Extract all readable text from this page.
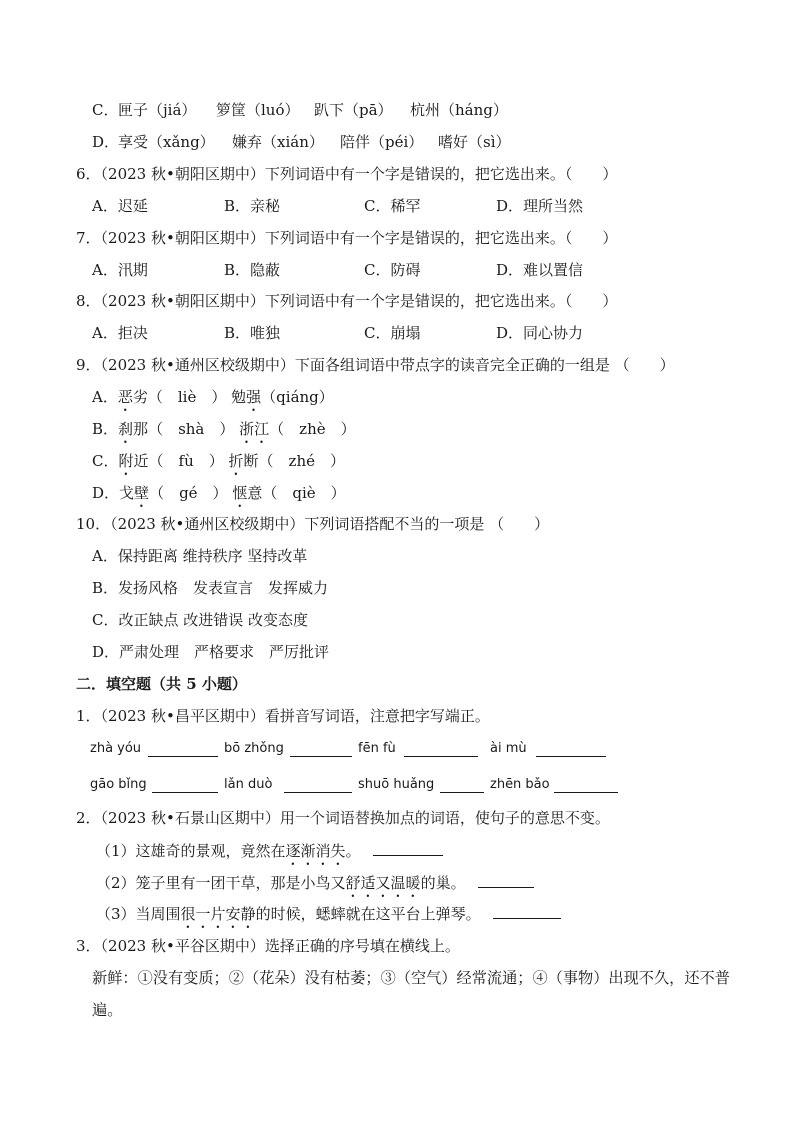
C． 匣子（jiá） 箩筐（luó） 趴下（pā） 杭州（háng）
D．
享受（xǎng） 嫌弃（xián） 陪伴（péi） 嗜好（sì）
6．（2023 秋•朝阳区期中）下列词语中有一个字是错误的，把它选出来。（　　）
A．迟延	B．亲秘	C．稀罕	D．理所当然
7．（2023 秋•朝阳区期中）下列词语中有一个字是错误的，把它选出来。（　　）
A．汛期	B．隐蔽	C．防碍	D．难以置信
8．（2023 秋•朝阳区期中）下列词语中有一个字是错误的，把它选出来。（　　）
A．拒决	B．唯独	C．崩塌	D．同心协力
9．（2023 秋•通州区校级期中）下面各组词语中带点字的读音完全正确的一组是 （　　）
A．恶劣（　liè　） 勉强（qiáng）
B．刹那（　shà　） 浙江（　zhè　）
C．附近（　fù　） 折断（　zhé　）
D．戈壁（　gé　） 惬意（　qiè　）
10．（2023 秋•通州区校级期中）下列词语搭配不当的一项是 （　　）
A．保持距离 维持秩序 坚持改革
B．发扬风格　发表宣言　发挥威力
C．改正缺点 改进错误 改变态度
D．严肃处理　严格要求　严厉批评
二．填空题（共 5 小题）
1．（2023 秋•昌平区期中）看拼音写词语，注意把字写端正。
zhà yóu	bō zhǒng	fēn fù	ài mù
gāo bǐng	lǎn duò	shuō huǎng	zhēn bǎo
2．（2023 秋•石景山区期中）用一个词语替换加点的词语，使句子的意思不变。
（1）这雄奇的景观，竟然在逐渐消失。
（2）笼子里有一团干草，那是小鸟又舒适又温暖的巢。
（3）当周围很一片安静的时候，蟋蟀就在这平台上弹琴。
3．（2023 秋•平谷区期中）选择正确的序号填在横线上。
新鲜：①没有变质；②（花朵）没有枯萎；③（空气）经常流通；④（事物）出现不久，还不普遍。
